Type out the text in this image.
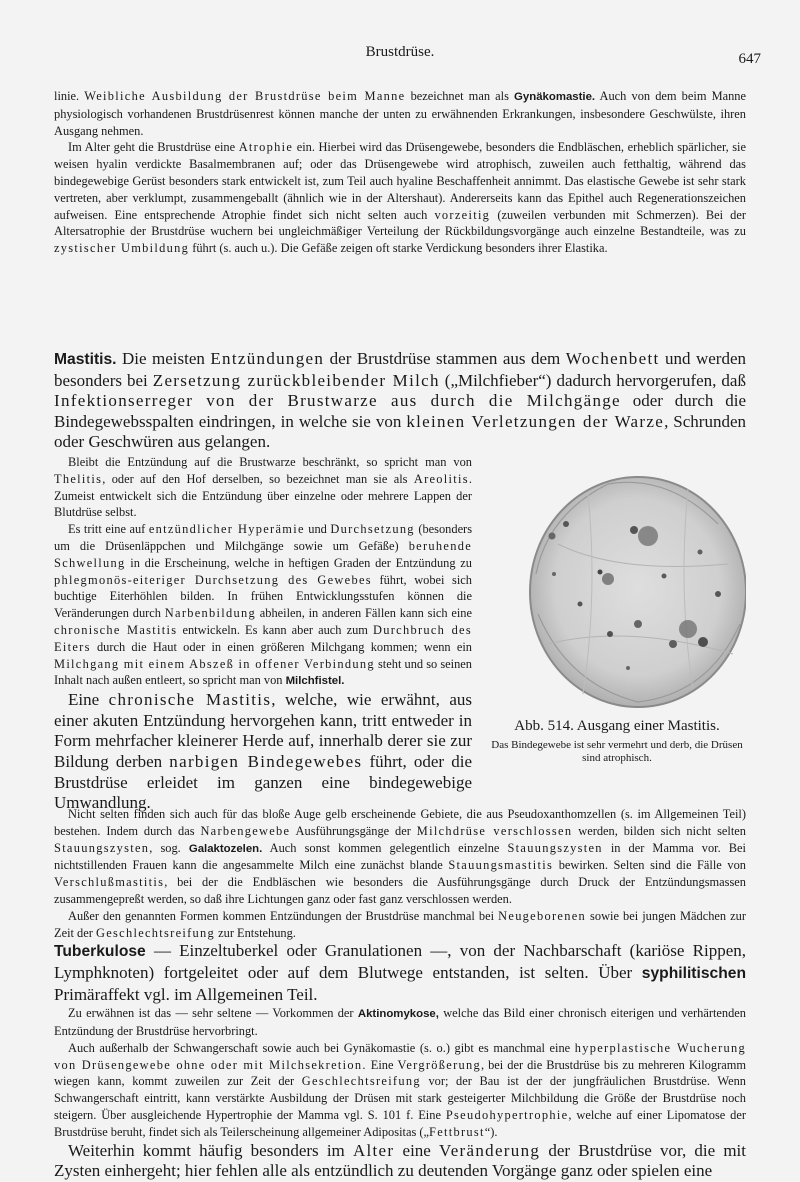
Brustdrüse.	647

linie. Weibliche Ausbildung der Brustdrüse beim Manne bezeichnet man als Gynäkomastie. Auch von dem beim Manne physiologisch vorhandenen Brustdrüsenrest können manche der unten zu erwähnenden Erkrankungen, insbesondere Geschwülste, ihren Ausgang nehmen.

Im Alter geht die Brustdrüse eine Atrophie ein. Hierbei wird das Drüsengewebe, besonders die Endbläschen, erheblich spärlicher, sie weisen hyalin verdickte Basalmembranen auf; oder das Drüsengewebe wird atrophisch, zuweilen auch fetthaltig, während das bindegewebige Gerüst besonders stark entwickelt ist, zum Teil auch hyaline Beschaffenheit annimmt. Das elastische Gewebe ist sehr stark vertreten, aber verklumpt, zusammengeballt (ähnlich wie in der Altershaut). Andererseits kann das Epithel auch Regenerationszeichen aufweisen. Eine entsprechende Atrophie findet sich nicht selten auch vorzeitig (zuweilen verbunden mit Schmerzen). Bei der Altersatrophie der Brustdrüse wuchern bei ungleichmäßiger Verteilung der Rückbildungsvorgänge auch einzelne Bestandteile, was zu zystischer Umbildung führt (s. auch u.). Die Gefäße zeigen oft starke Verdickung besonders ihrer Elastika.

Mastitis. Die meisten Entzündungen der Brustdrüse stammen aus dem Wochenbett und werden besonders bei Zersetzung zurückbleibender Milch („Milchfieber“) dadurch hervorgerufen, daß Infektionserreger von der Brustwarze aus durch die Milchgänge oder durch die Bindegewebsspalten eindringen, in welche sie von kleinen Verletzungen der Warze, Schrunden oder Geschwüren aus gelangen.

Abb. 514. Ausgang einer Mastitis.
Das Bindegewebe ist sehr vermehrt und derb, die Drüsen sind atrophisch.

Bleibt die Entzündung auf die Brustwarze beschränkt, so spricht man von Thelitis, oder auf den Hof derselben, so bezeichnet man sie als Areolitis. Zumeist entwickelt sich die Entzündung über einzelne oder mehrere Lappen der Blutdrüse selbst.

Es tritt eine auf entzündlicher Hyperämie und Durchsetzung (besonders um die Drüsenläppchen und Milchgänge sowie um Gefäße) beruhende Schwellung in die Erscheinung, welche in heftigen Graden der Entzündung zu phlegmonös-eiteriger Durchsetzung des Gewebes führt, wobei sich buchtige Eiterhöhlen bilden. In frühen Entwicklungsstufen können die Veränderungen durch Narbenbildung abheilen, in anderen Fällen kann sich eine chronische Mastitis entwickeln. Es kann aber auch zum Durchbruch des Eiters durch die Haut oder in einen größeren Milchgang kommen; wenn ein Milchgang mit einem Abszeß in offener Verbindung steht und so seinen Inhalt nach außen entleert, so spricht man von Milchfistel.

Eine chronische Mastitis, welche, wie erwähnt, aus einer akuten Entzündung hervorgehen kann, tritt entweder in Form mehrfacher kleinerer Herde auf, innerhalb derer sie zur Bildung derben narbigen Bindegewebes führt, oder die Brustdrüse erleidet im ganzen eine bindegewebige Umwandlung.

Nicht selten finden sich auch für das bloße Auge gelb erscheinende Gebiete, die aus Pseudoxanthomzellen (s. im Allgemeinen Teil) bestehen. Indem durch das Narbengewebe Ausführungsgänge der Milchdrüse verschlossen werden, bilden sich nicht selten Stauungszysten, sog. Galaktozelen. Auch sonst kommen gelegentlich einzelne Stauungszysten in der Mamma vor. Bei nichtstillenden Frauen kann die angesammelte Milch eine zunächst blande Stauungsmastitis bewirken. Selten sind die Fälle von Verschlußmastitis, bei der die Endbläschen wie besonders die Ausführungsgänge durch Druck der Entzündungsmassen zusammengepreßt werden, so daß ihre Lichtungen ganz oder fast ganz verschlossen werden.

Außer den genannten Formen kommen Entzündungen der Brustdrüse manchmal bei Neugeborenen sowie bei jungen Mädchen zur Zeit der Geschlechtsreifung zur Entstehung.

Tuberkulose — Einzeltuberkel oder Granulationen —, von der Nachbarschaft (kariöse Rippen, Lymphknoten) fortgeleitet oder auf dem Blutwege entstanden, ist selten. Über syphilitischen Primäraffekt vgl. im Allgemeinen Teil.

Zu erwähnen ist das — sehr seltene — Vorkommen der Aktinomykose, welche das Bild einer chronisch eiterigen und verhärtenden Entzündung der Brustdrüse hervorbringt.

Auch außerhalb der Schwangerschaft sowie auch bei Gynäkomastie (s. o.) gibt es manchmal eine hyperplastische Wucherung von Drüsengewebe ohne oder mit Milchsekretion. Eine Vergrößerung, bei der die Brustdrüse bis zu mehreren Kilogramm wiegen kann, kommt zuweilen zur Zeit der Geschlechtsreifung vor; der Bau ist der der jungfräulichen Brustdrüse. Wenn Schwangerschaft eintritt, kann verstärkte Ausbildung der Drüsen mit stark gesteigerter Milchbildung die Größe der Brustdrüse noch steigern. Über ausgleichende Hypertrophie der Mamma vgl. S. 101 f. Eine Pseudohypertrophie, welche auf einer Lipomatose der Brustdrüse beruht, findet sich als Teilerscheinung allgemeiner Adipositas („Fettbrust“).

Weiterhin kommt häufig besonders im Alter eine Veränderung der Brustdrüse vor, die mit Zysten einhergeht; hier fehlen alle als entzündlich zu deutenden Vorgänge ganz oder spielen eine
